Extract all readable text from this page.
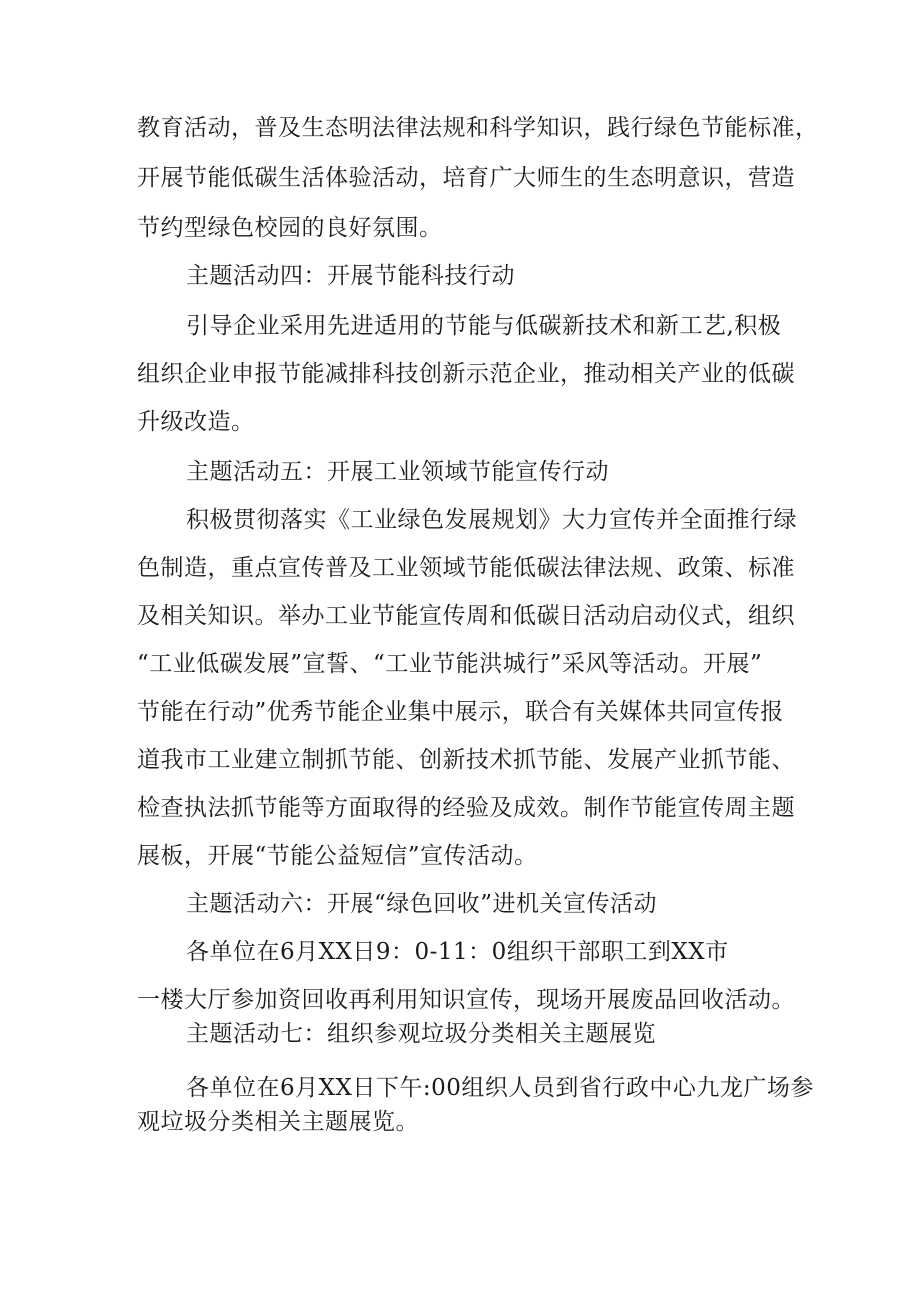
教育活动，普及生态明法律法规和科学知识，践行绿色节能标准，
开展节能低碳生活体验活动，培育广大师生的生态明意识，营造
节约型绿色校园的良好氛围。
主题活动四：开展节能科技行动
引导企业采用先进适用的节能与低碳新技术和新工艺,积极
组织企业申报节能减排科技创新示范企业，推动相关产业的低碳
升级改造。
主题活动五：开展工业领域节能宣传行动
积极贯彻落实《工业绿色发展规划》大力宣传并全面推行绿
色制造，重点宣传普及工业领域节能低碳法律法规、政策、标准
及相关知识。举办工业节能宣传周和低碳日活动启动仪式，组织
“工业低碳发展”宣誓、“工业节能洪城行”采风等活动。开展”
节能在行动”优秀节能企业集中展示，联合有关媒体共同宣传报
道我市工业建立制抓节能、创新技术抓节能、发展产业抓节能、
检查执法抓节能等方面取得的经验及成效。制作节能宣传周主题
展板，开展“节能公益短信”宣传活动。
主题活动六：开展“绿色回收”进机关宣传活动
各单位在6月XX日9：0-11：0组织干部职工到XX市
一楼大厅参加资回收再利用知识宣传，现场开展废品回收活动。
主题活动七：组织参观垃圾分类相关主题展览
各单位在6月XX日下午:00组织人员到省行政中心九龙广场参
观垃圾分类相关主题展览。
